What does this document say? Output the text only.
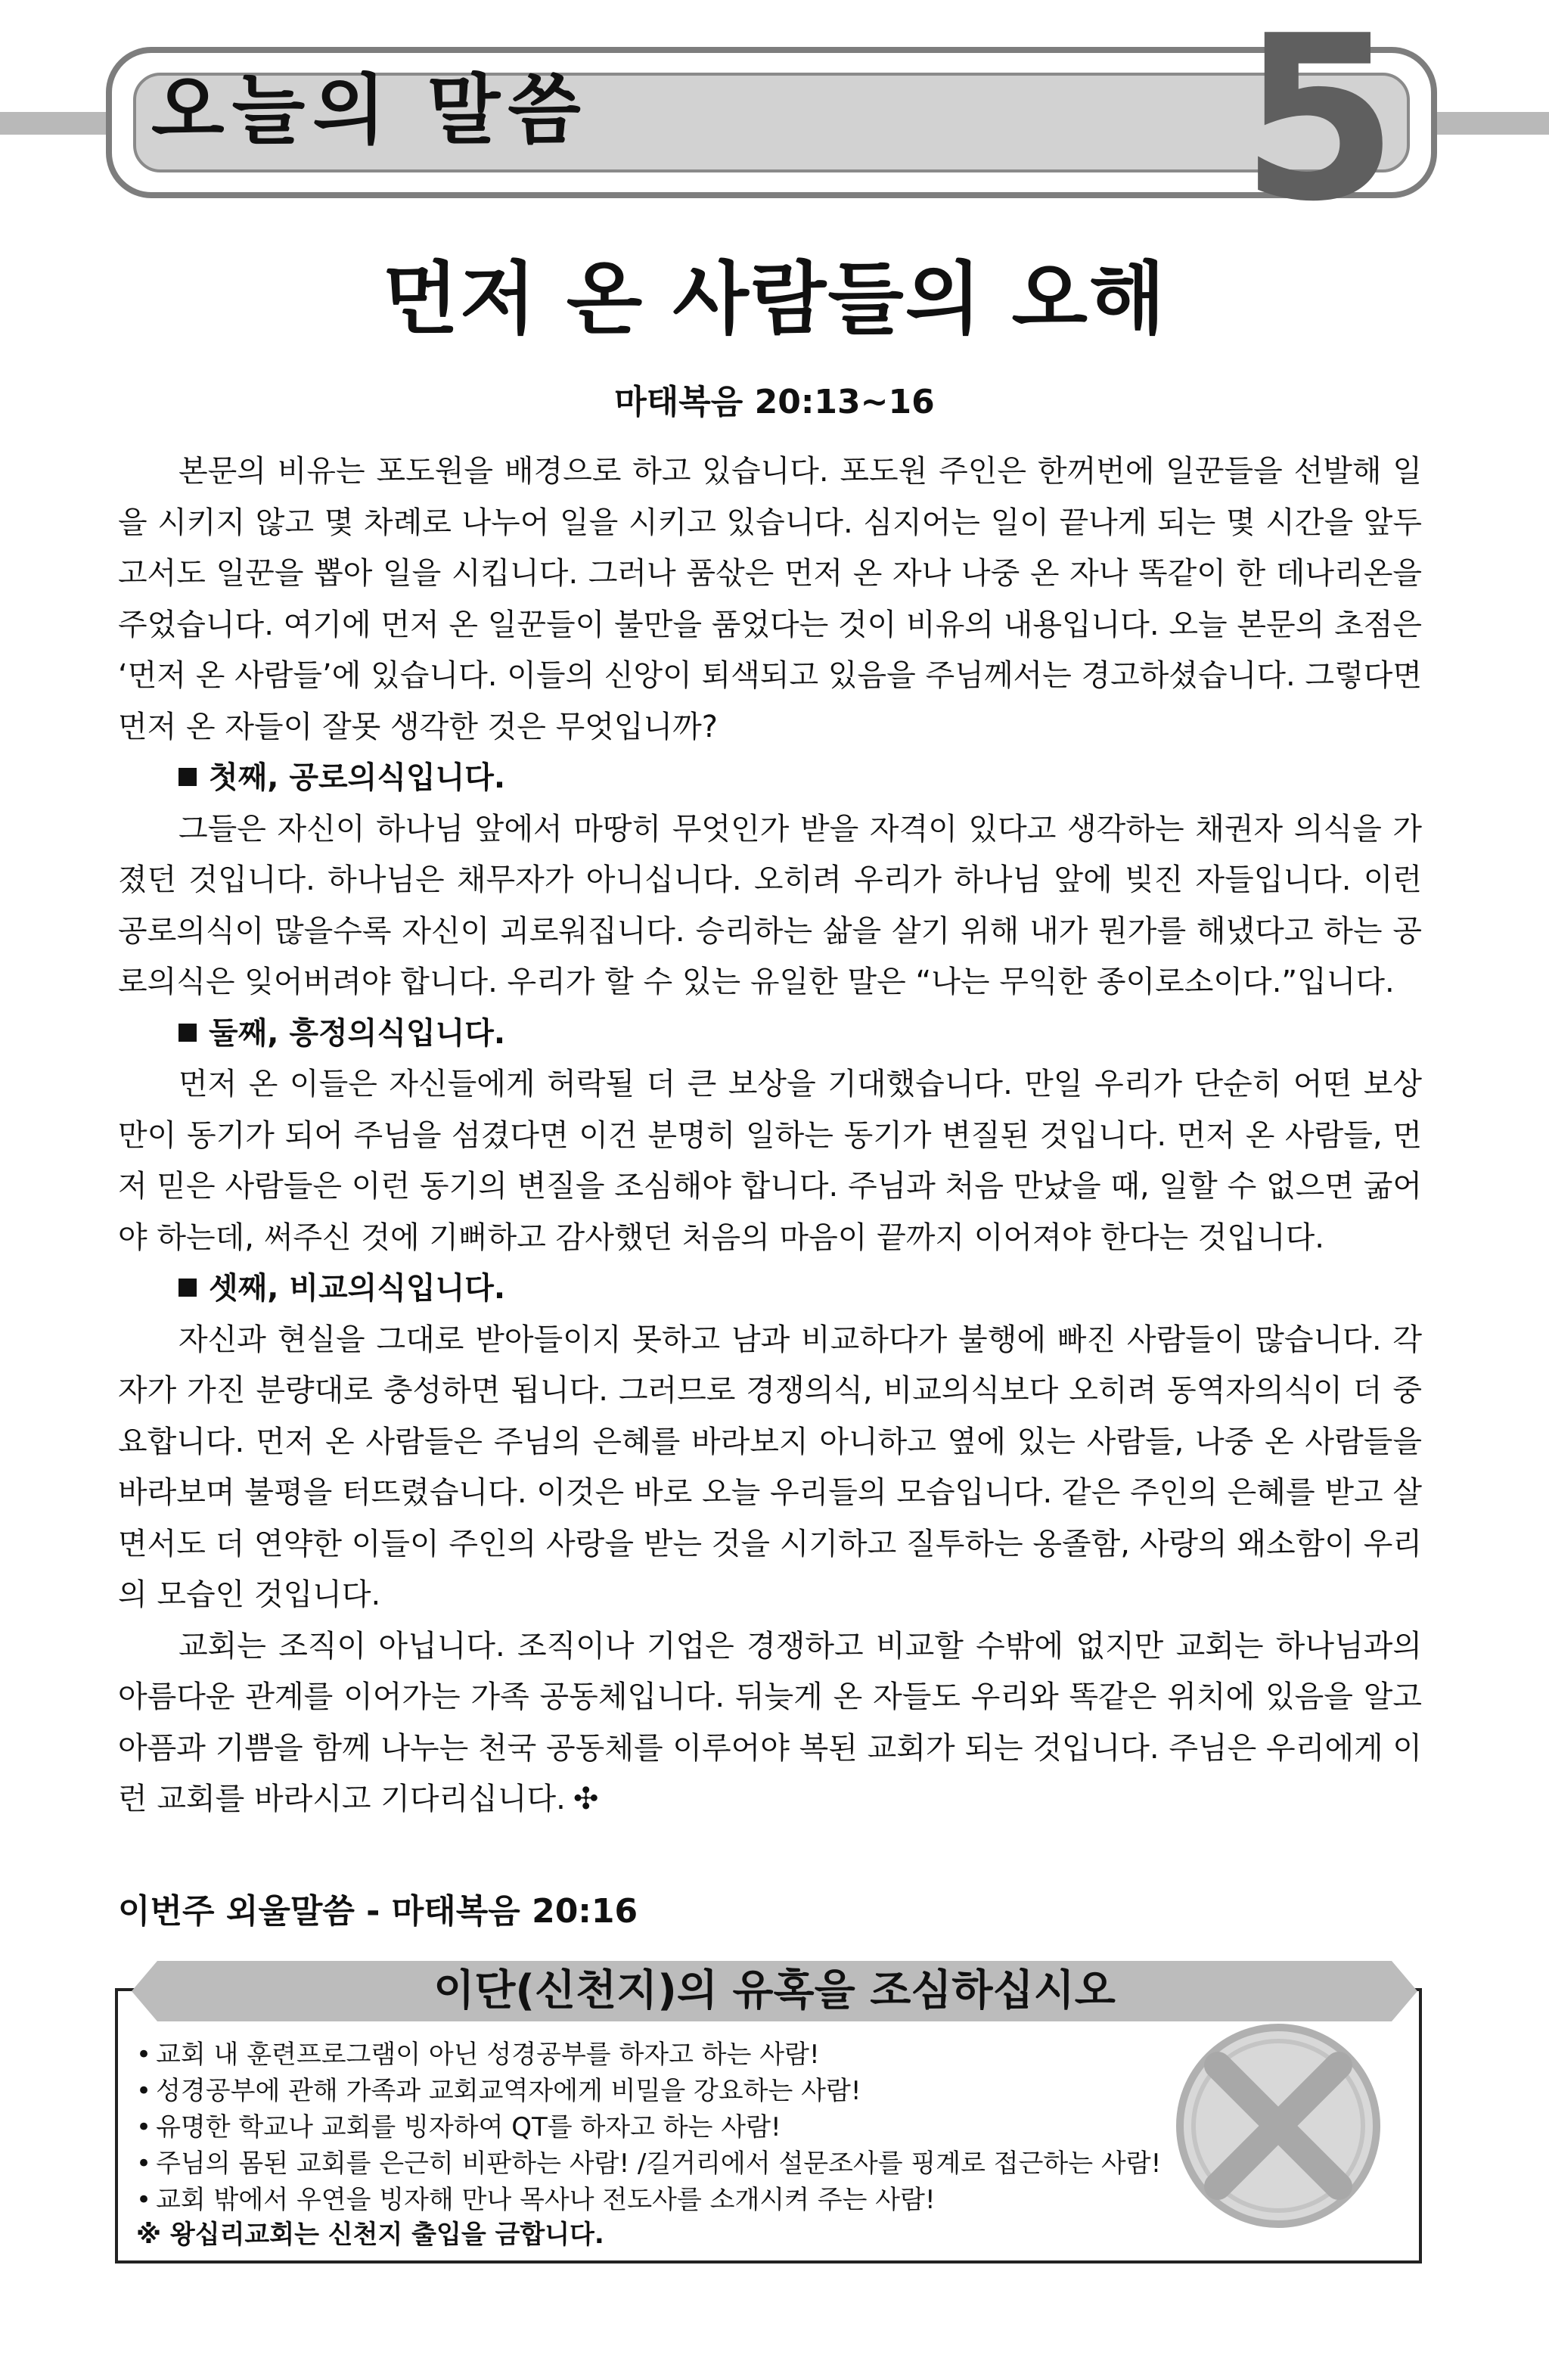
오늘의 말씀	5
먼저 온 사람들의 오해
마태복음 20:13~16

본문의 비유는 포도원을 배경으로 하고 있습니다. 포도원 주인은 한꺼번에 일꾼들을 선발해 일을 시키지 않고 몇 차례로 나누어 일을 시키고 있습니다. 심지어는 일이 끝나게 되는 몇 시간을 앞두고서도 일꾼을 뽑아 일을 시킵니다. 그러나 품삯은 먼저 온 자나 나중 온 자나 똑같이 한 데나리온을 주었습니다. 여기에 먼저 온 일꾼들이 불만을 품었다는 것이 비유의 내용입니다. 오늘 본문의 초점은 ‘먼저 온 사람들’에 있습니다. 이들의 신앙이 퇴색되고 있음을 주님께서는 경고하셨습니다. 그렇다면 먼저 온 자들이 잘못 생각한 것은 무엇입니까?

첫째, 공로의식입니다.

그들은 자신이 하나님 앞에서 마땅히 무엇인가 받을 자격이 있다고 생각하는 채권자 의식을 가졌던 것입니다. 하나님은 채무자가 아니십니다. 오히려 우리가 하나님 앞에 빚진 자들입니다. 이런 공로의식이 많을수록 자신이 괴로워집니다. 승리하는 삶을 살기 위해 내가 뭔가를 해냈다고 하는 공로의식은 잊어버려야 합니다. 우리가 할 수 있는 유일한 말은 “나는 무익한 종이로소이다.”입니다.

둘째, 흥정의식입니다.

먼저 온 이들은 자신들에게 허락될 더 큰 보상을 기대했습니다. 만일 우리가 단순히 어떤 보상만이 동기가 되어 주님을 섬겼다면 이건 분명히 일하는 동기가 변질된 것입니다. 먼저 온 사람들, 먼저 믿은 사람들은 이런 동기의 변질을 조심해야 합니다. 주님과 처음 만났을 때, 일할 수 없으면 굶어야 하는데, 써주신 것에 기뻐하고 감사했던 처음의 마음이 끝까지 이어져야 한다는 것입니다.

셋째, 비교의식입니다.

자신과 현실을 그대로 받아들이지 못하고 남과 비교하다가 불행에 빠진 사람들이 많습니다. 각자가 가진 분량대로 충성하면 됩니다. 그러므로 경쟁의식, 비교의식보다 오히려 동역자의식이 더 중요합니다. 먼저 온 사람들은 주님의 은혜를 바라보지 아니하고 옆에 있는 사람들, 나중 온 사람들을 바라보며 불평을 터뜨렸습니다. 이것은 바로 오늘 우리들의 모습입니다. 같은 주인의 은혜를 받고 살면서도 더 연약한 이들이 주인의 사랑을 받는 것을 시기하고 질투하는 옹졸함, 사랑의 왜소함이 우리의 모습인 것입니다.

교회는 조직이 아닙니다. 조직이나 기업은 경쟁하고 비교할 수밖에 없지만 교회는 하나님과의 아름다운 관계를 이어가는 가족 공동체입니다. 뒤늦게 온 자들도 우리와 똑같은 위치에 있음을 알고 아픔과 기쁨을 함께 나누는 천국 공동체를 이루어야 복된 교회가 되는 것입니다. 주님은 우리에게 이런 교회를 바라시고 기다리십니다. ✣

이번주 외울말씀 - 마태복음 20:16
이단(신천지)의 유혹을 조심하십시오
• 교회 내 훈련프로그램이 아닌 성경공부를 하자고 하는 사람!
• 성경공부에 관해 가족과 교회교역자에게 비밀을 강요하는 사람!
• 유명한 학교나 교회를 빙자하여 QT를 하자고 하는 사람!
• 주님의 몸된 교회를 은근히 비판하는 사람! /길거리에서 설문조사를 핑계로 접근하는 사람!
• 교회 밖에서 우연을 빙자해 만나 목사나 전도사를 소개시켜 주는 사람!
※ 왕십리교회는 신천지 출입을 금합니다.
